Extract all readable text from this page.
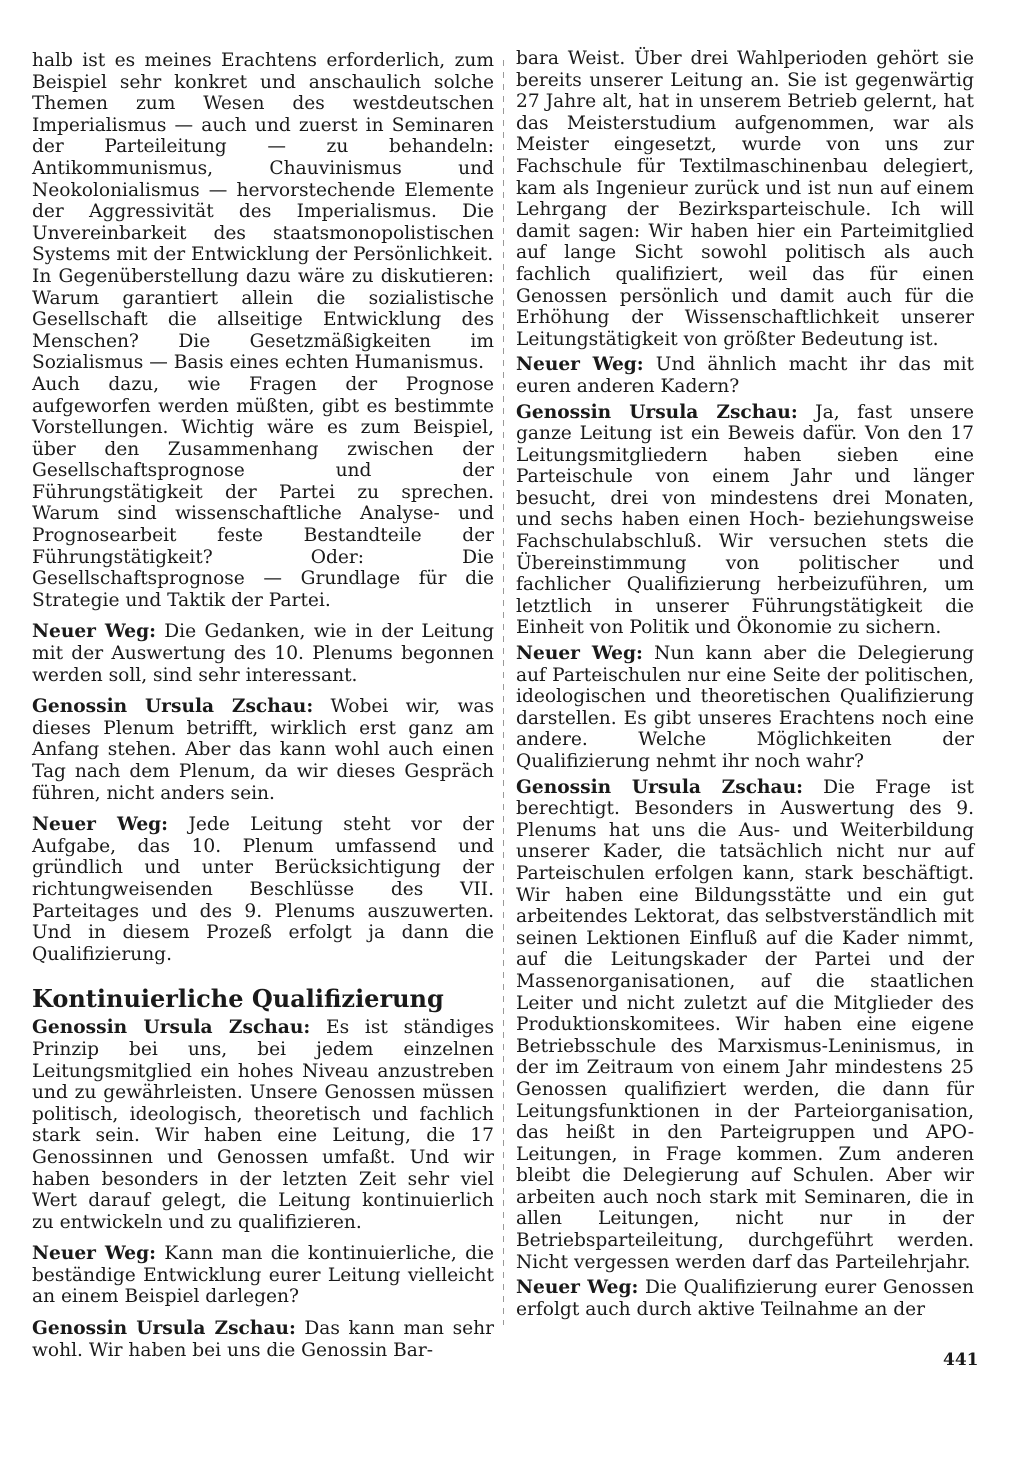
halb ist es meines Erachtens erforderlich, zum Beispiel sehr konkret und anschaulich solche Themen zum Wesen des westdeutschen Imperialismus — auch und zuerst in Seminaren der Parteileitung — zu behandeln: Antikommunismus, Chauvinismus und Neokolonialismus — hervorstechende Elemente der Aggressivität des Imperialismus. Die Unvereinbarkeit des staatsmonopolistischen Systems mit der Entwicklung der Persönlichkeit.

In Gegenüberstellung dazu wäre zu diskutieren: Warum garantiert allein die sozialistische Gesellschaft die allseitige Entwicklung des Menschen? Die Gesetzmäßigkeiten im Sozialismus — Basis eines echten Humanismus.

Auch dazu, wie Fragen der Prognose aufgeworfen werden müßten, gibt es bestimmte Vorstellungen. Wichtig wäre es zum Beispiel, über den Zusammenhang zwischen der Gesellschaftsprognose und der Führungstätigkeit der Partei zu sprechen. Warum sind wissenschaftliche Analyse- und Prognosearbeit feste Bestandteile der Führungstätigkeit? Oder: Die Gesellschaftsprognose — Grundlage für die Strategie und Taktik der Partei.

Neuer Weg: Die Gedanken, wie in der Leitung mit der Auswertung des 10. Plenums begonnen werden soll, sind sehr interessant.

Genossin Ursula Zschau: Wobei wir, was dieses Plenum betrifft, wirklich erst ganz am Anfang stehen. Aber das kann wohl auch einen Tag nach dem Plenum, da wir dieses Gespräch führen, nicht anders sein.

Neuer Weg: Jede Leitung steht vor der Aufgabe, das 10. Plenum umfassend und gründlich und unter Berücksichtigung der richtungweisenden Beschlüsse des VII. Parteitages und des 9. Plenums auszuwerten. Und in diesem Prozeß erfolgt ja dann die Qualifizierung.

Kontinuierliche Qualifizierung

Genossin Ursula Zschau: Es ist ständiges Prinzip bei uns, bei jedem einzelnen Leitungsmitglied ein hohes Niveau anzustreben und zu gewährleisten. Unsere Genossen müssen politisch, ideologisch, theoretisch und fachlich stark sein. Wir haben eine Leitung, die 17 Genossinnen und Genossen umfaßt. Und wir haben besonders in der letzten Zeit sehr viel Wert darauf gelegt, die Leitung kontinuierlich zu entwickeln und zu qualifizieren.

Neuer Weg: Kann man die kontinuierliche, die beständige Entwicklung eurer Leitung vielleicht an einem Beispiel darlegen?

Genossin Ursula Zschau: Das kann man sehr wohl. Wir haben bei uns die Genossin Bar-

bara Weist. Über drei Wahlperioden gehört sie bereits unserer Leitung an. Sie ist gegenwärtig 27 Jahre alt, hat in unserem Betrieb gelernt, hat das Meisterstudium aufgenommen, war als Meister eingesetzt, wurde von uns zur Fachschule für Textilmaschinenbau delegiert, kam als Ingenieur zurück und ist nun auf einem Lehrgang der Bezirksparteischule. Ich will damit sagen: Wir haben hier ein Parteimitglied auf lange Sicht sowohl politisch als auch fachlich qualifiziert, weil das für einen Genossen persönlich und damit auch für die Erhöhung der Wissenschaftlichkeit unserer Leitungstätigkeit von größter Bedeutung ist.

Neuer Weg: Und ähnlich macht ihr das mit euren anderen Kadern?

Genossin Ursula Zschau: Ja, fast unsere ganze Leitung ist ein Beweis dafür. Von den 17 Leitungsmitgliedern haben sieben eine Parteischule von einem Jahr und länger besucht, drei von mindestens drei Monaten, und sechs haben einen Hoch- beziehungsweise Fachschulabschluß. Wir versuchen stets die Übereinstimmung von politischer und fachlicher Qualifizierung herbeizuführen, um letztlich in unserer Führungstätigkeit die Einheit von Politik und Ökonomie zu sichern.

Neuer Weg: Nun kann aber die Delegierung auf Parteischulen nur eine Seite der politischen, ideologischen und theoretischen Qualifizierung darstellen. Es gibt unseres Erachtens noch eine andere. Welche Möglichkeiten der Qualifizierung nehmt ihr noch wahr?

Genossin Ursula Zschau: Die Frage ist berechtigt. Besonders in Auswertung des 9. Plenums hat uns die Aus- und Weiterbildung unserer Kader, die tatsächlich nicht nur auf Parteischulen erfolgen kann, stark beschäftigt. Wir haben eine Bildungsstätte und ein gut arbeitendes Lektorat, das selbstverständlich mit seinen Lektionen Einfluß auf die Kader nimmt, auf die Leitungskader der Partei und der Massenorganisationen, auf die staatlichen Leiter und nicht zuletzt auf die Mitglieder des Produktionskomitees. Wir haben eine eigene Betriebsschule des Marxismus-Leninismus, in der im Zeitraum von einem Jahr mindestens 25 Genossen qualifiziert werden, die dann für Leitungsfunktionen in der Parteiorganisation, das heißt in den Parteigruppen und APO-Leitungen, in Frage kommen. Zum anderen bleibt die Delegierung auf Schulen. Aber wir arbeiten auch noch stark mit Seminaren, die in allen Leitungen, nicht nur in der Betriebsparteileitung, durchgeführt werden. Nicht vergessen werden darf das Parteilehrjahr.

Neuer Weg: Die Qualifizierung eurer Genossen erfolgt auch durch aktive Teilnahme an der

441
